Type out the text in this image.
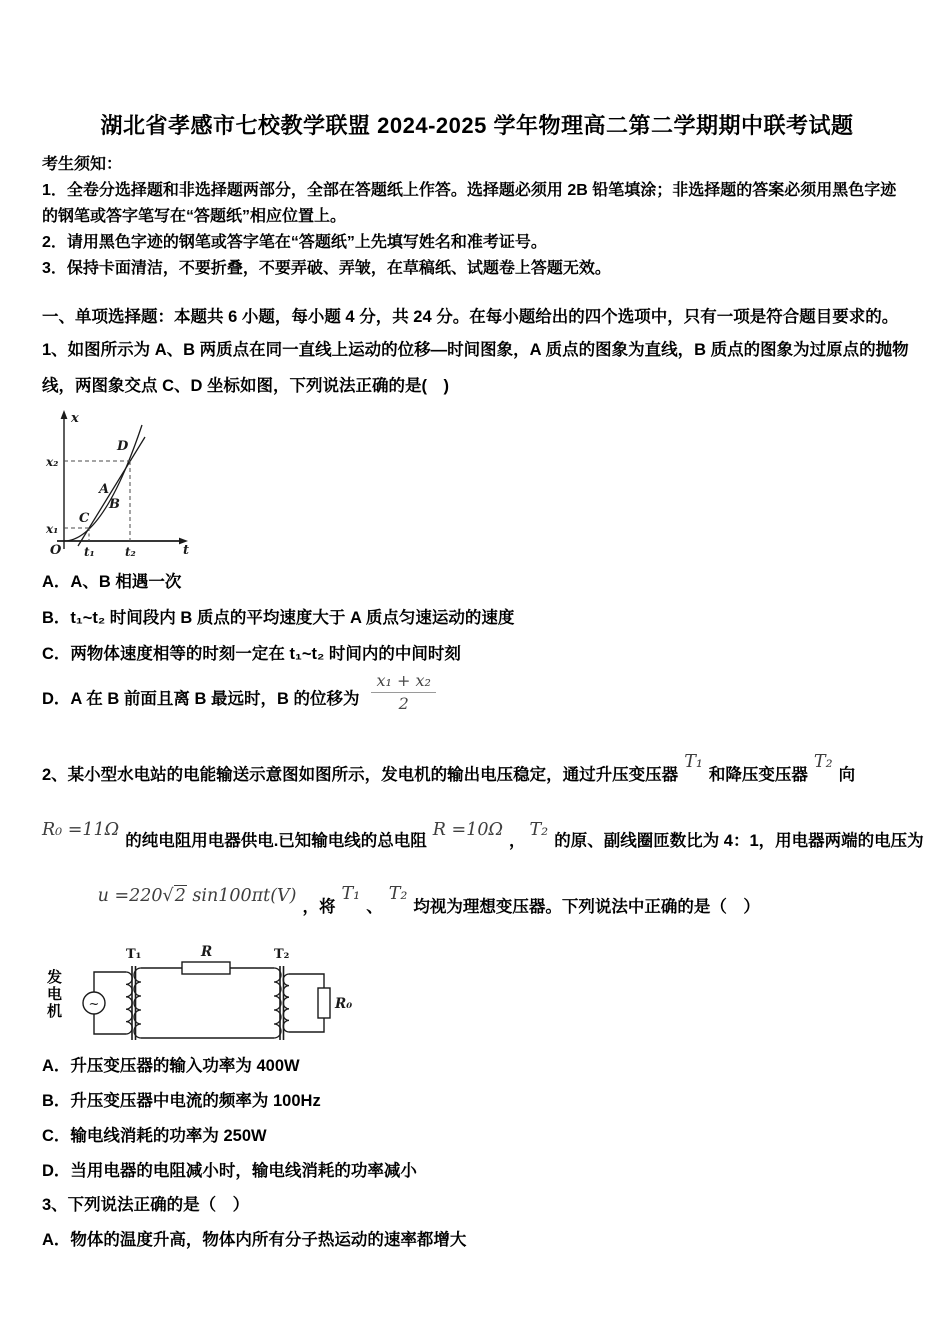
湖北省孝感市七校教学联盟 2024-2025 学年物理高二第二学期期中联考试题
考生须知：
1．全卷分选择题和非选择题两部分，全部在答题纸上作答。选择题必须用 2B 铅笔填涂；非选择题的答案必须用黑色字迹的钢笔或答字笔写在“答题纸”相应位置上。
2．请用黑色字迹的钢笔或答字笔在“答题纸”上先填写姓名和准考证号。
3．保持卡面清洁，不要折叠，不要弄破、弄皱，在草稿纸、试题卷上答题无效。
一、单项选择题：本题共 6 小题，每小题 4 分，共 24 分。在每小题给出的四个选项中，只有一项是符合题目要求的。
1、如图所示为 A、B 两质点在同一直线上运动的位移—时间图象，A 质点的图象为直线，B 质点的图象为过原点的抛物线，两图象交点 C、D 坐标如图，下列说法正确的是(　)
x
t
O
x₂
x₁
t₁	t₂
C
D
A
B
A．A、B 相遇一次
B．t₁~t₂ 时间段内 B 质点的平均速度大于 A 质点匀速运动的速度
C．两物体速度相等的时刻一定在 t₁~t₂ 时间内的中间时刻
D．A 在 B 前面且离 B 最远时，B 的位移为 $\frac{\text{x₁ + x₂}}{2}$
2、某小型水电站的电能输送示意图如图所示，发电机的输出电压稳定，通过升压变压器
T₁
和降压变压器
T₂
向
R₀ =11Ω
的纯电阻用电器供电.已知输电线的总电阻
R =10Ω
，
T₂
的原、副线圈匝数比为 4：1，用电器两端的电压为

u =220√2 sin100πt(V)

，将
T₁
、
T₂
均视为理想变压器。下列说法中正确的是（　）
发电机 ~
T₁	R	T₂
R₀
A．升压变压器的输入功率为 400W
B．升压变压器中电流的频率为 100Hz
C．输电线消耗的功率为 250W
D．当用电器的电阻减小时，输电线消耗的功率减小
3、下列说法正确的是（　）
A．物体的温度升高，物体内所有分子热运动的速率都增大
